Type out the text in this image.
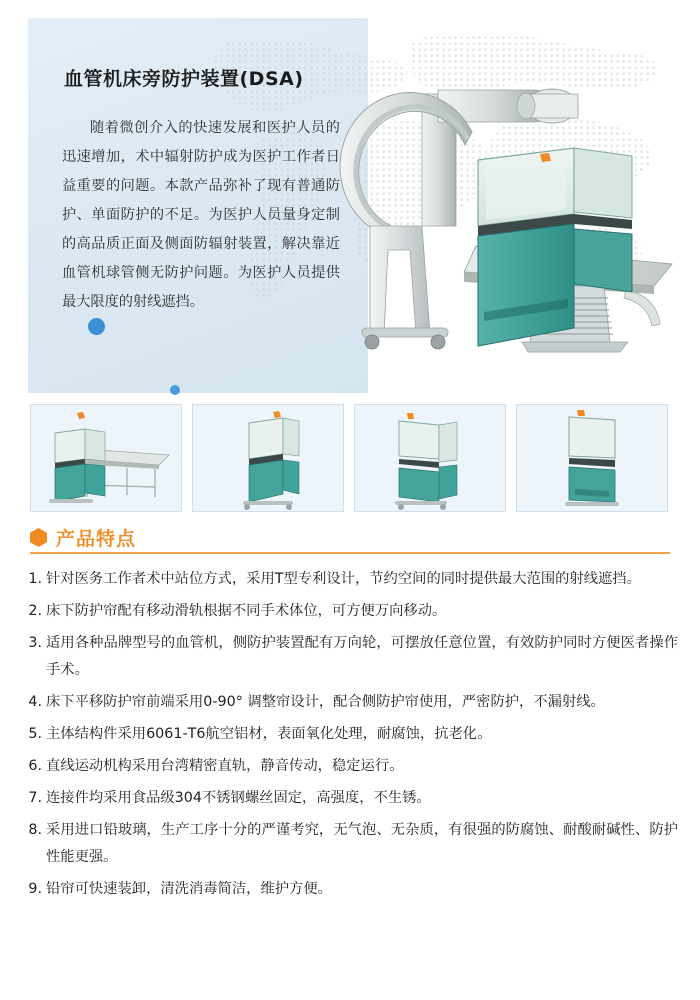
血管机床旁防护装置(DSA)
随着微创介入的快速发展和医护人员的迅速增加，术中辐射防护成为医护工作者日益重要的问题。本款产品弥补了现有普通防护、单面防护的不足。为医护人员量身定制的高品质正面及侧面防辐射装置，解决靠近血管机球管侧无防护问题。为医护人员提供最大限度的射线遮挡。
产品特点
1. 针对医务工作者术中站位方式，采用T型专利设计，节约空间的同时提供最大范围的射线遮挡。
2. 床下防护帘配有移动滑轨根据不同手术体位，可方便万向移动。
3. 适用各种品牌型号的血管机，侧防护装置配有万向轮，可摆放任意位置，有效防护同时方便医者操作手术。
4. 床下平移防护帘前端采用0-90° 调整帘设计，配合侧防护帘使用，严密防护，不漏射线。
5. 主体结构件采用6061-T6航空铝材，表面氧化处理，耐腐蚀，抗老化。
6. 直线运动机构采用台湾精密直轨，静音传动，稳定运行。
7. 连接件均采用食品级304不锈钢螺丝固定，高强度，不生锈。
8. 采用进口铅玻璃，生产工序十分的严谨考究，无气泡、无杂质，有很强的防腐蚀、耐酸耐碱性、防护性能更强。
9. 铅帘可快速装卸，清洗消毒简洁，维护方便。
